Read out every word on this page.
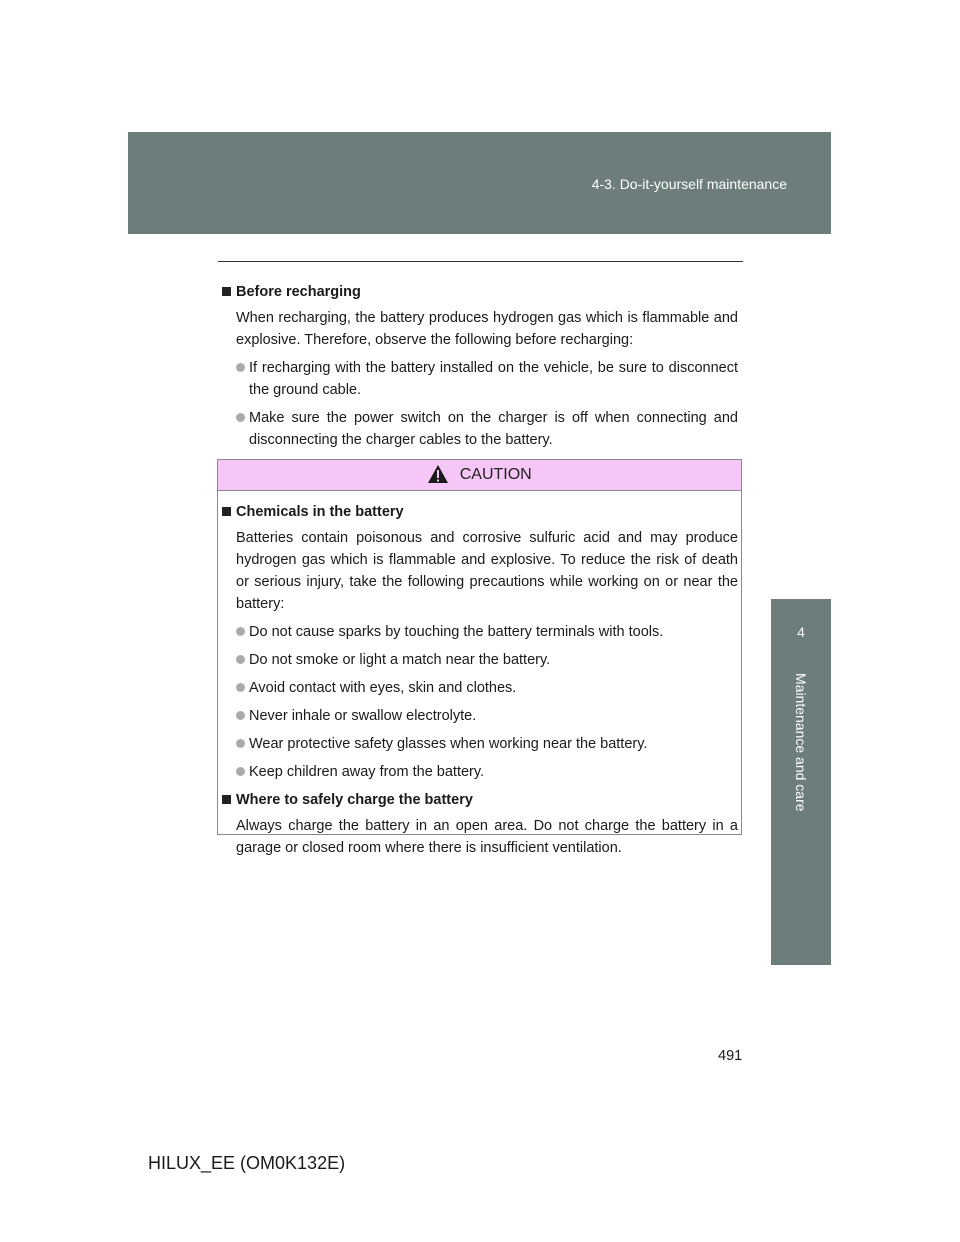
4-3. Do-it-yourself maintenance
4
Maintenance and care
Before recharging
When recharging, the battery produces hydrogen gas which is flammable and explosive. Therefore, observe the following before recharging:
If recharging with the battery installed on the vehicle, be sure to disconnect the ground cable.
Make sure the power switch on the charger is off when connecting and disconnecting the charger cables to the battery.
CAUTION
Chemicals in the battery
Batteries contain poisonous and corrosive sulfuric acid and may produce hydrogen gas which is flammable and explosive. To reduce the risk of death or serious injury, take the following precautions while working on or near the battery:
Do not cause sparks by touching the battery terminals with tools.
Do not smoke or light a match near the battery.
Avoid contact with eyes, skin and clothes.
Never inhale or swallow electrolyte.
Wear protective safety glasses when working near the battery.
Keep children away from the battery.
Where to safely charge the battery
Always charge the battery in an open area. Do not charge the battery in a garage or closed room where there is insufficient ventilation.
491
HILUX_EE (OM0K132E)
